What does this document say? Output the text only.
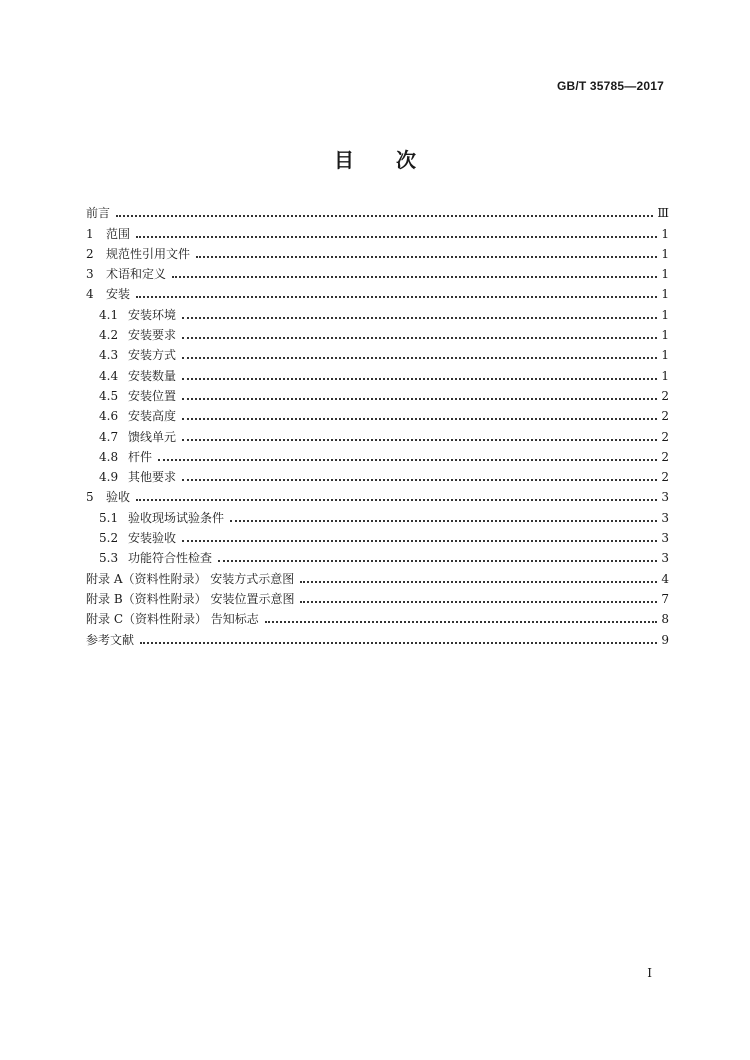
GB/T 35785—2017
目 次
前言	Ⅲ
1	范围	1
2	规范性引用文件	1
3	术语和定义	1
4	安装	1
4.1 安装环境	1
4.2 安装要求	1
4.3 安装方式	1
4.4 安装数量	1
4.5 安装位置	2
4.6 安装高度	2
4.7 馈线单元	2
4.8 杆件	2
4.9 其他要求	2
5	验收	3
5.1 验收现场试验条件	3
5.2 安装验收	3
5.3 功能符合性检查	3
附录 A（资料性附录） 安装方式示意图	4
附录 B（资料性附录） 安装位置示意图	7
附录 C（资料性附录） 告知标志	8
参考文献	9
I
